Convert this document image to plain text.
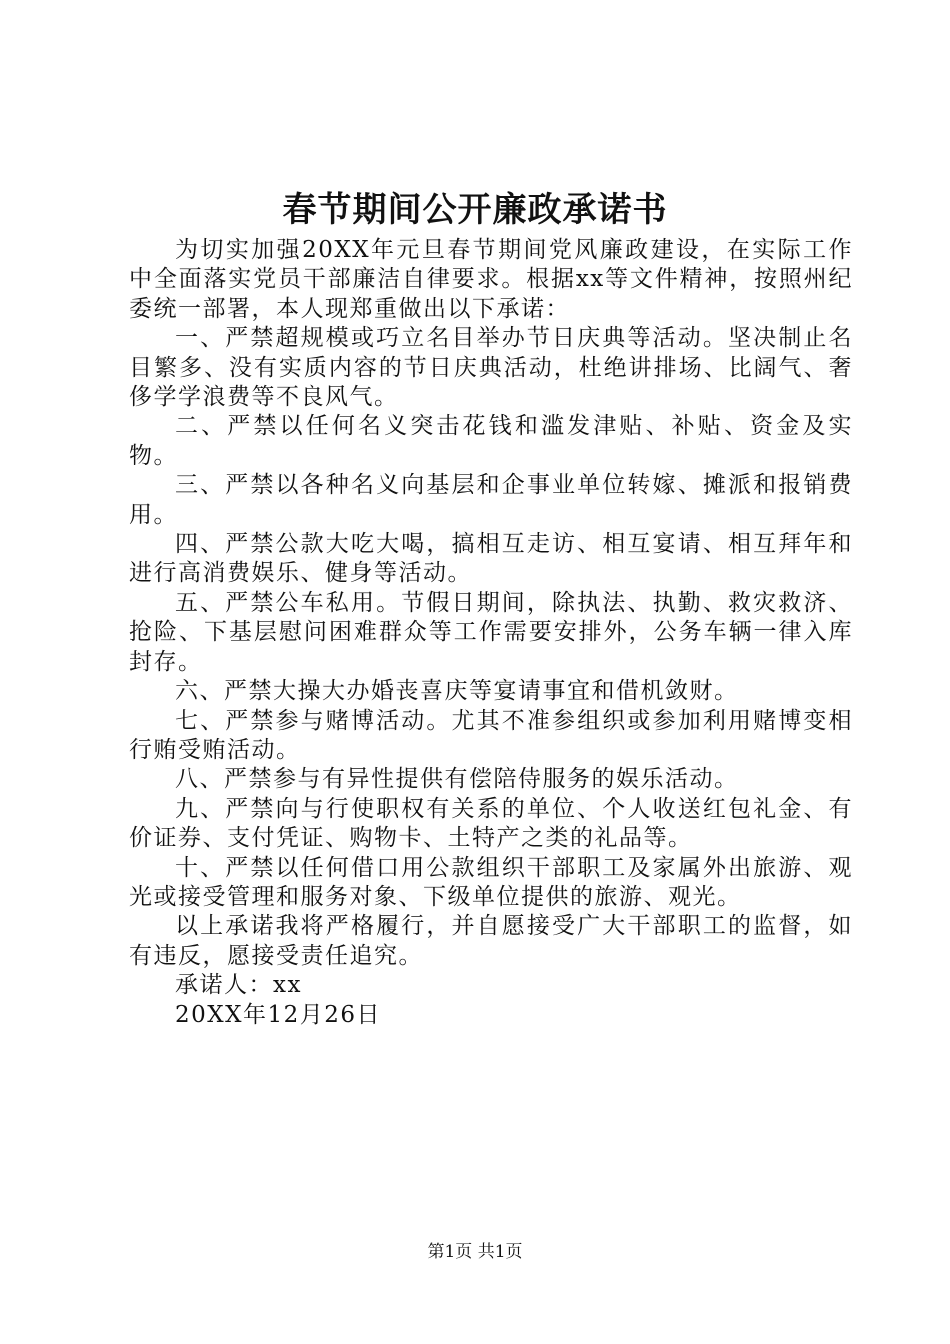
春节期间公开廉政承诺书

为切实加强20XX年元旦春节期间党风廉政建设，在实际工作中全面落实党员干部廉洁自律要求。根据xx等文件精神，按照州纪委统一部署，本人现郑重做出以下承诺：

一、严禁超规模或巧立名目举办节日庆典等活动。坚决制止名目繁多、没有实质内容的节日庆典活动，杜绝讲排场、比阔气、奢侈学学浪费等不良风气。

二、严禁以任何名义突击花钱和滥发津贴、补贴、资金及实物。

三、严禁以各种名义向基层和企事业单位转嫁、摊派和报销费用。

四、严禁公款大吃大喝，搞相互走访、相互宴请、相互拜年和进行高消费娱乐、健身等活动。

五、严禁公车私用。节假日期间，除执法、执勤、救灾救济、抢险、下基层慰问困难群众等工作需要安排外，公务车辆一律入库封存。

六、严禁大操大办婚丧喜庆等宴请事宜和借机敛财。

七、严禁参与赌博活动。尤其不准参组织或参加利用赌博变相行贿受贿活动。

八、严禁参与有异性提供有偿陪侍服务的娱乐活动。

九、严禁向与行使职权有关系的单位、个人收送红包礼金、有价证券、支付凭证、购物卡、土特产之类的礼品等。

十、严禁以任何借口用公款组织干部职工及家属外出旅游、观光或接受管理和服务对象、下级单位提供的旅游、观光。

以上承诺我将严格履行，并自愿接受广大干部职工的监督，如有违反，愿接受责任追究。

承诺人：xx

20XX年12月26日

第1页 共1页
